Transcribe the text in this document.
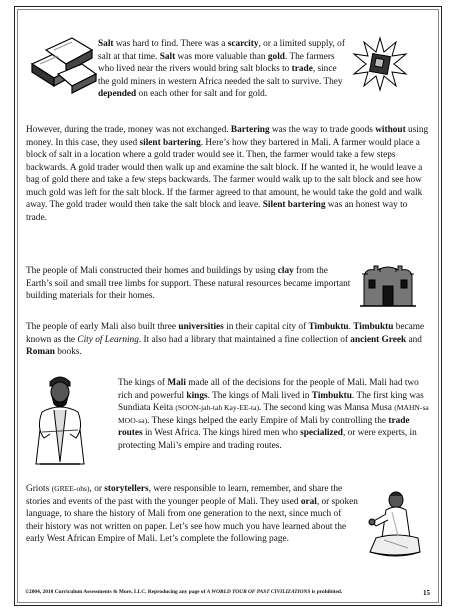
Salt was hard to find. There was a scarcity, or a limited supply, of salt at that time. Salt was more valuable than gold. The farmers who lived near the rivers would bring salt blocks to trade, since the gold miners in western Africa needed the salt to survive. They depended on each other for salt and for gold.

However, during the trade, money was not exchanged. Bartering was the way to trade goods without using money. In this case, they used silent bartering. Here’s how they bartered in Mali. A farmer would place a block of salt in a location where a gold trader would see it. Then, the farmer would take a few steps backwards. A gold trader would then walk up and examine the salt block. If he wanted it, he would leave a bag of gold there and take a few steps backwards. The farmer would walk up to the salt block and see how much gold was left for the salt block. If the farmer agreed to that amount, he would take the gold and walk away. The gold trader would then take the salt block and leave. Silent bartering was an honest way to trade.

The people of Mali constructed their homes and buildings by using clay from the Earth’s soil and small tree limbs for support. These natural resources became important building materials for their homes.

The people of early Mali also built three universities in their capital city of Timbuktu. Timbuktu became known as the City of Learning. It also had a library that maintained a fine collection of ancient Greek and Roman books.

The kings of Mali made all of the decisions for the people of Mali. Mali had two rich and powerful kings. The kings of Mali lived in Timbuktu. The first king was Sundiata Keita (SOON-jah-tah Kay-EE-ta). The second king was Mansa Musa (MAHN-sa MOO-sa). These kings helped the early Empire of Mali by controlling the trade routes in West Africa. The kings hired men who specialized, or were experts, in protecting Mali’s empire and trading routes.

Griots (GREE-ohs), or storytellers, were responsible to learn, remember, and share the stories and events of the past with the younger people of Mali. They used oral, or spoken language, to share the history of Mali from one generation to the next, since much of their history was not written on paper. Let’s see how much you have learned about the early West African Empire of Mali. Let’s complete the following page.

©2004, 2010 Curriculum Assessments & More, LLC. Reproducing any page of A WORLD TOUR OF PAST CIVILIZATIONS is prohibited.	15
